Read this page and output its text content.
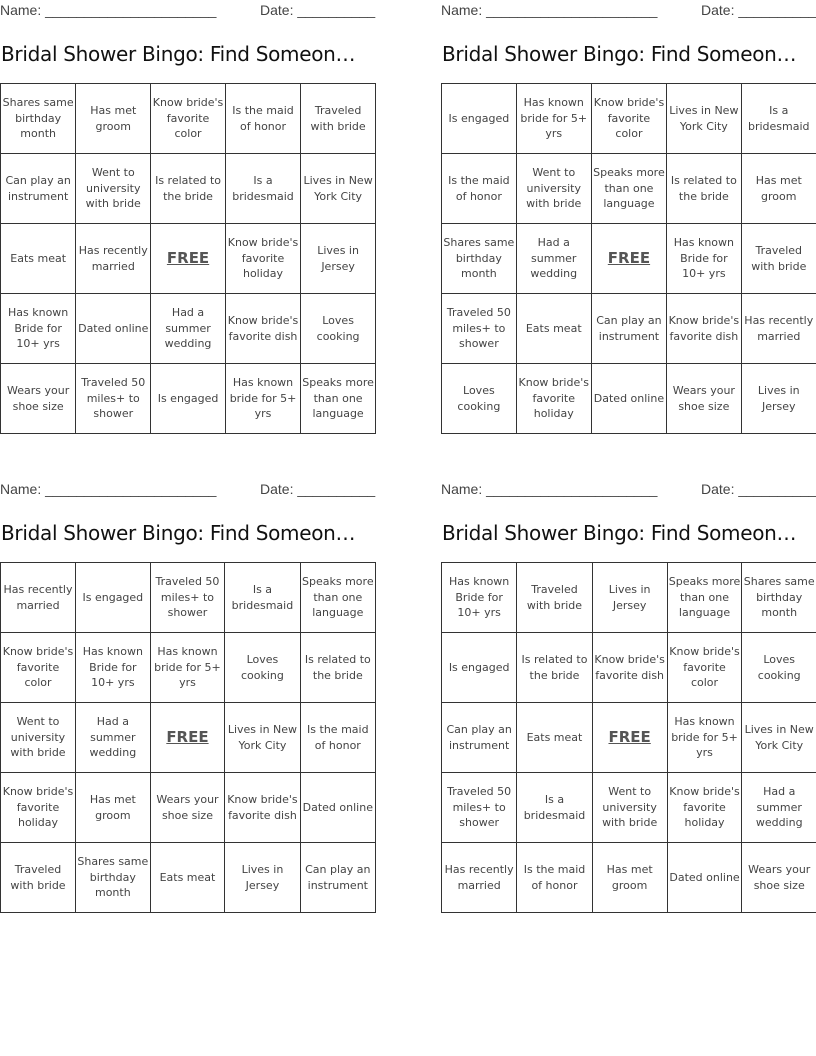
Name: ______________________	Date: __________
Bridal Shower Bingo: Find Someon…
Shares same birthday month	Has met groom	Know bride's favorite color	Is the maid of honor	Traveled with bride
Can play an instrument	Went to university with bride	Is related to the bride	Is a bridesmaid	Lives in New York City
Eats meat	Has recently married	FREE	Know bride's favorite holiday	Lives in Jersey
Has known Bride for 10+ yrs	Dated online	Had a summer wedding	Know bride's favorite dish	Loves cooking
Wears your shoe size	Traveled 50 miles+ to shower	Is engaged	Has known bride for 5+ yrs	Speaks more than one language
Name: ______________________	Date: __________
Bridal Shower Bingo: Find Someon…
Is engaged	Has known bride for 5+ yrs	Know bride's favorite color	Lives in New York City	Is a bridesmaid
Is the maid of honor	Went to university with bride	Speaks more than one language	Is related to the bride	Has met groom
Shares same birthday month	Had a summer wedding	FREE	Has known Bride for 10+ yrs	Traveled with bride
Traveled 50 miles+ to shower	Eats meat	Can play an instrument	Know bride's favorite dish	Has recently married
Loves cooking	Know bride's favorite holiday	Dated online	Wears your shoe size	Lives in Jersey
Name: ______________________	Date: __________
Bridal Shower Bingo: Find Someon…
Has recently married	Is engaged	Traveled 50 miles+ to shower	Is a bridesmaid	Speaks more than one language
Know bride's favorite color	Has known Bride for 10+ yrs	Has known bride for 5+ yrs	Loves cooking	Is related to the bride
Went to university with bride	Had a summer wedding	FREE	Lives in New York City	Is the maid of honor
Know bride's favorite holiday	Has met groom	Wears your shoe size	Know bride's favorite dish	Dated online
Traveled with bride	Shares same birthday month	Eats meat	Lives in Jersey	Can play an instrument
Name: ______________________	Date: __________
Bridal Shower Bingo: Find Someon…
Has known Bride for 10+ yrs	Traveled with bride	Lives in Jersey	Speaks more than one language	Shares same birthday month
Is engaged	Is related to the bride	Know bride's favorite dish	Know bride's favorite color	Loves cooking
Can play an instrument	Eats meat	FREE	Has known bride for 5+ yrs	Lives in New York City
Traveled 50 miles+ to shower	Is a bridesmaid	Went to university with bride	Know bride's favorite holiday	Had a summer wedding
Has recently married	Is the maid of honor	Has met groom	Dated online	Wears your shoe size
